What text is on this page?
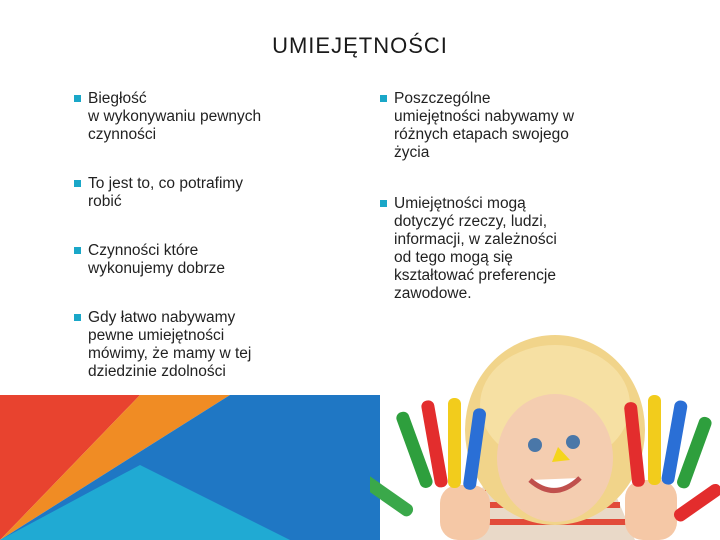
UMIEJĘTNOŚCI

Biegłość
w wykonywaniu pewnych
czynności

To jest to, co potrafimy
robić

Czynności które
wykonujemy dobrze

Gdy łatwo nabywamy
pewne umiejętności
mówimy, że mamy w tej
dziedzinie zdolności

Poszczególne
umiejętności nabywamy w
różnych etapach swojego
życia

Umiejętności mogą
dotyczyć rzeczy, ludzi,
informacji, w zależności
od tego mogą się
kształtować preferencje
zawodowe.
